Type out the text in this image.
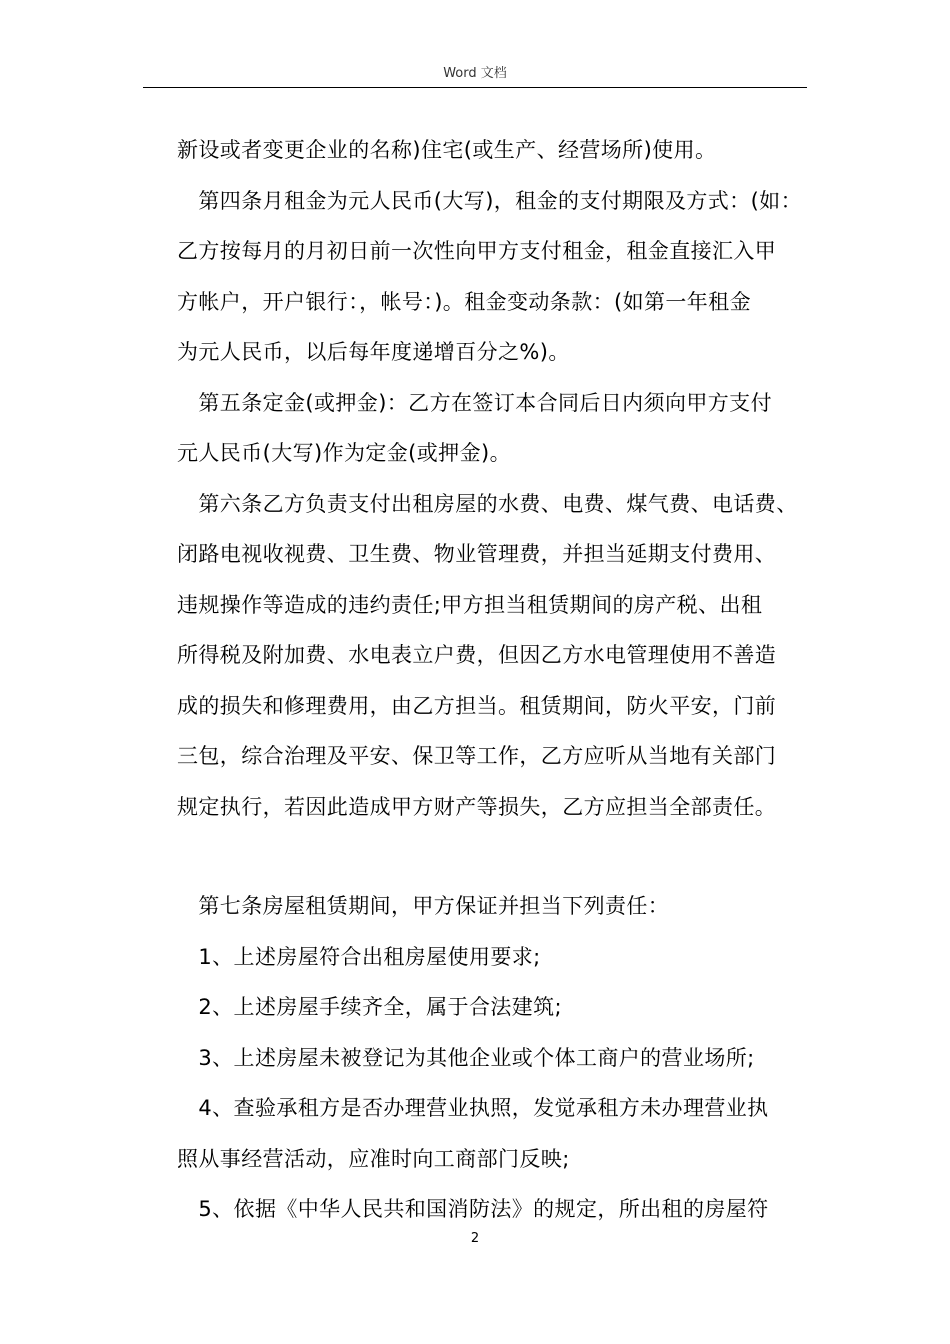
Word 文档
新设或者变更企业的名称)住宅(或生产、经营场所)使用。
　第四条月租金为元人民币(大写)，租金的支付期限及方式：(如：
乙方按每月的月初日前一次性向甲方支付租金，租金直接汇入甲
方帐户，开户银行：，帐号：)。租金变动条款：(如第一年租金
为元人民币，以后每年度递增百分之%)。
　第五条定金(或押金)：乙方在签订本合同后日内须向甲方支付
元人民币(大写)作为定金(或押金)。
　第六条乙方负责支付出租房屋的水费、电费、煤气费、电话费、
闭路电视收视费、卫生费、物业管理费，并担当延期支付费用、
违规操作等造成的违约责任;甲方担当租赁期间的房产税、出租
所得税及附加费、水电表立户费，但因乙方水电管理使用不善造
成的损失和修理费用，由乙方担当。租赁期间，防火平安，门前
三包，综合治理及平安、保卫等工作，乙方应听从当地有关部门
规定执行，若因此造成甲方财产等损失，乙方应担当全部责任。
　第七条房屋租赁期间，甲方保证并担当下列责任：
　1、上述房屋符合出租房屋使用要求;
　2、上述房屋手续齐全，属于合法建筑;
　3、上述房屋未被登记为其他企业或个体工商户的营业场所;
　4、查验承租方是否办理营业执照，发觉承租方未办理营业执
照从事经营活动，应准时向工商部门反映;
　5、依据《中华人民共和国消防法》的规定，所出租的房屋符
2
